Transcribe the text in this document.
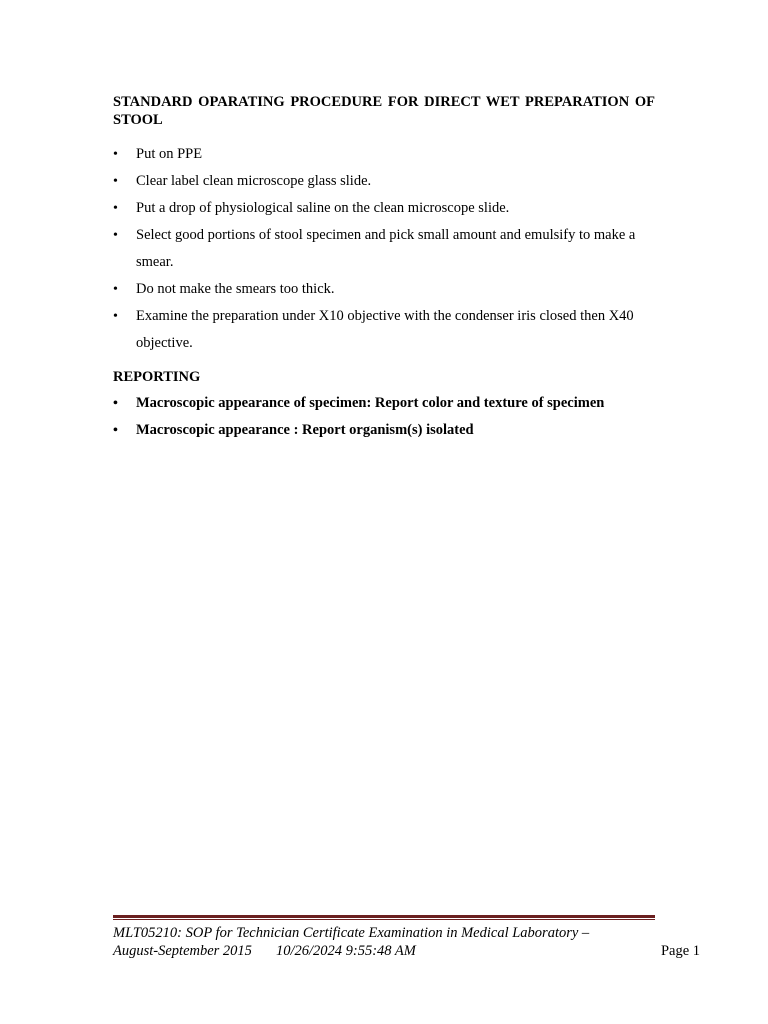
STANDARD OPARATING PROCEDURE FOR DIRECT WET PREPARATION OF STOOL

•	Put on PPE
•	Clear label clean microscope glass slide.
•	Put a drop of physiological saline on the clean microscope slide.
•	Select good portions of stool specimen and pick small amount and emulsify to make a smear.
•	Do not make the smears too thick.
•	Examine the preparation under X10 objective with the condenser iris closed then X40 objective.

REPORTING

•	Macroscopic appearance of specimen: Report color and texture of specimen
•	Macroscopic appearance : Report organism(s) isolated
MLT05210: SOP for Technician Certificate Examination in Medical Laboratory –
August-September 2015 10/26/2024 9:55:48 AM	Page 1
